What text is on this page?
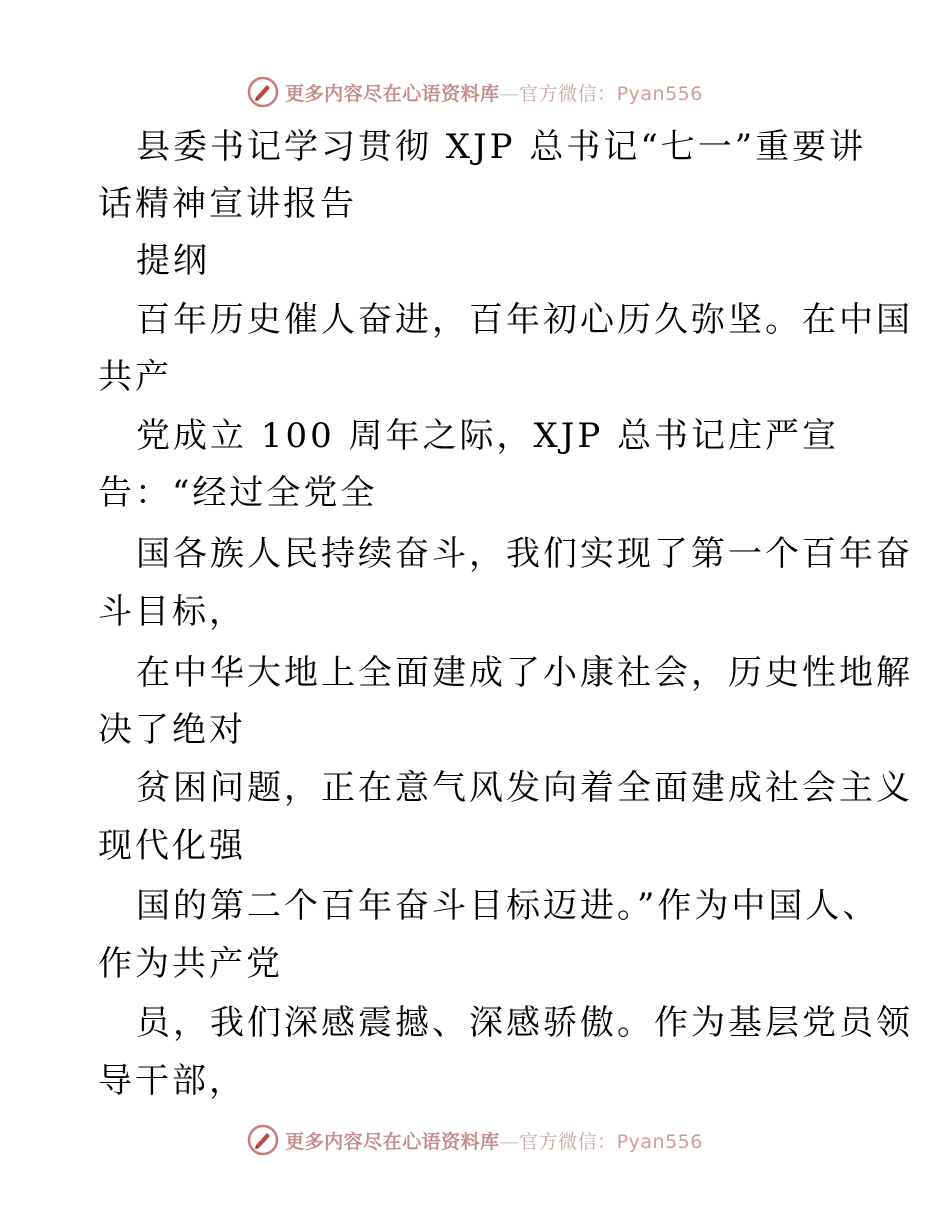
更多内容尽在心语资料库—官方微信：Pyan556
县委书记学习贯彻 XJP 总书记“七一”重要讲
话精神宣讲报告
提纲
百年历史催人奋进，百年初心历久弥坚。在中国
共产
党成立 100 周年之际，XJP 总书记庄严宣
告：“经过全党全
国各族人民持续奋斗，我们实现了第一个百年奋
斗目标，
在中华大地上全面建成了小康社会，历史性地解
决了绝对
贫困问题，正在意气风发向着全面建成社会主义
现代化强
国的第二个百年奋斗目标迈进。”作为中国人、
作为共产党
员，我们深感震撼、深感骄傲。作为基层党员领
导干部，
更多内容尽在心语资料库—官方微信：Pyan556
